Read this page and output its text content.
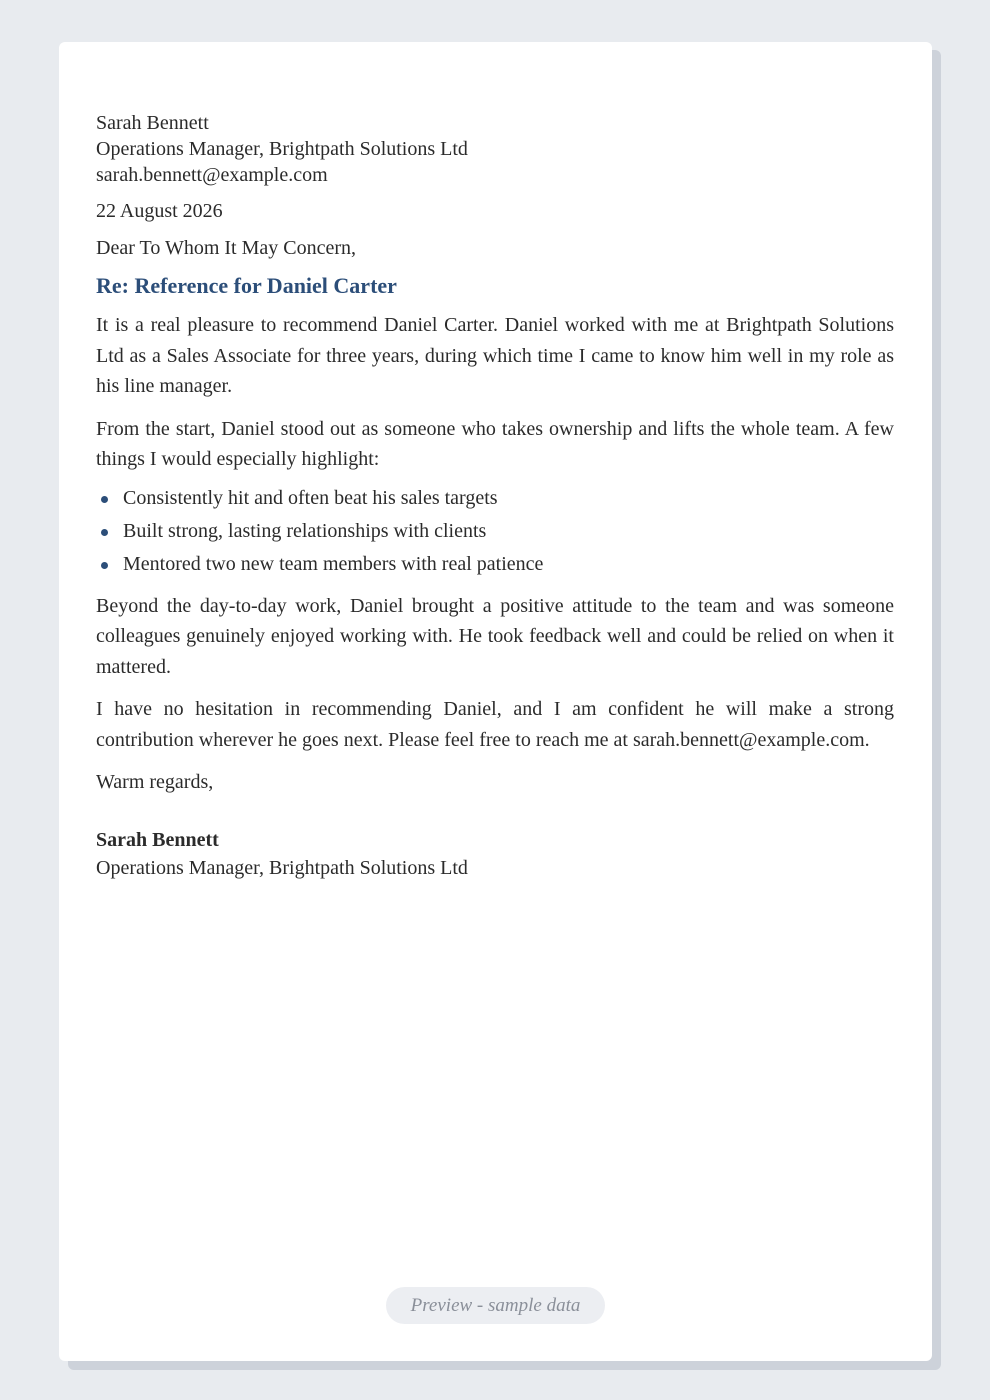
Sarah Bennett
Operations Manager, Brightpath Solutions Ltd
sarah.bennett@example.com
22 August 2026
Dear To Whom It May Concern,
Re: Reference for Daniel Carter
It is a real pleasure to recommend Daniel Carter. Daniel worked with me at Brightpath Solutions Ltd as a Sales Associate for three years, during which time I came to know him well in my role as his line manager.
From the start, Daniel stood out as someone who takes ownership and lifts the whole team. A few things I would especially highlight:
Consistently hit and often beat his sales targets
Built strong, lasting relationships with clients
Mentored two new team members with real patience
Beyond the day-to-day work, Daniel brought a positive attitude to the team and was someone colleagues genuinely enjoyed working with. He took feedback well and could be relied on when it mattered.
I have no hesitation in recommending Daniel, and I am confident he will make a strong contribution wherever he goes next. Please feel free to reach me at sarah.bennett@example.com.
Warm regards,
Sarah Bennett
Operations Manager, Brightpath Solutions Ltd
Preview - sample data
